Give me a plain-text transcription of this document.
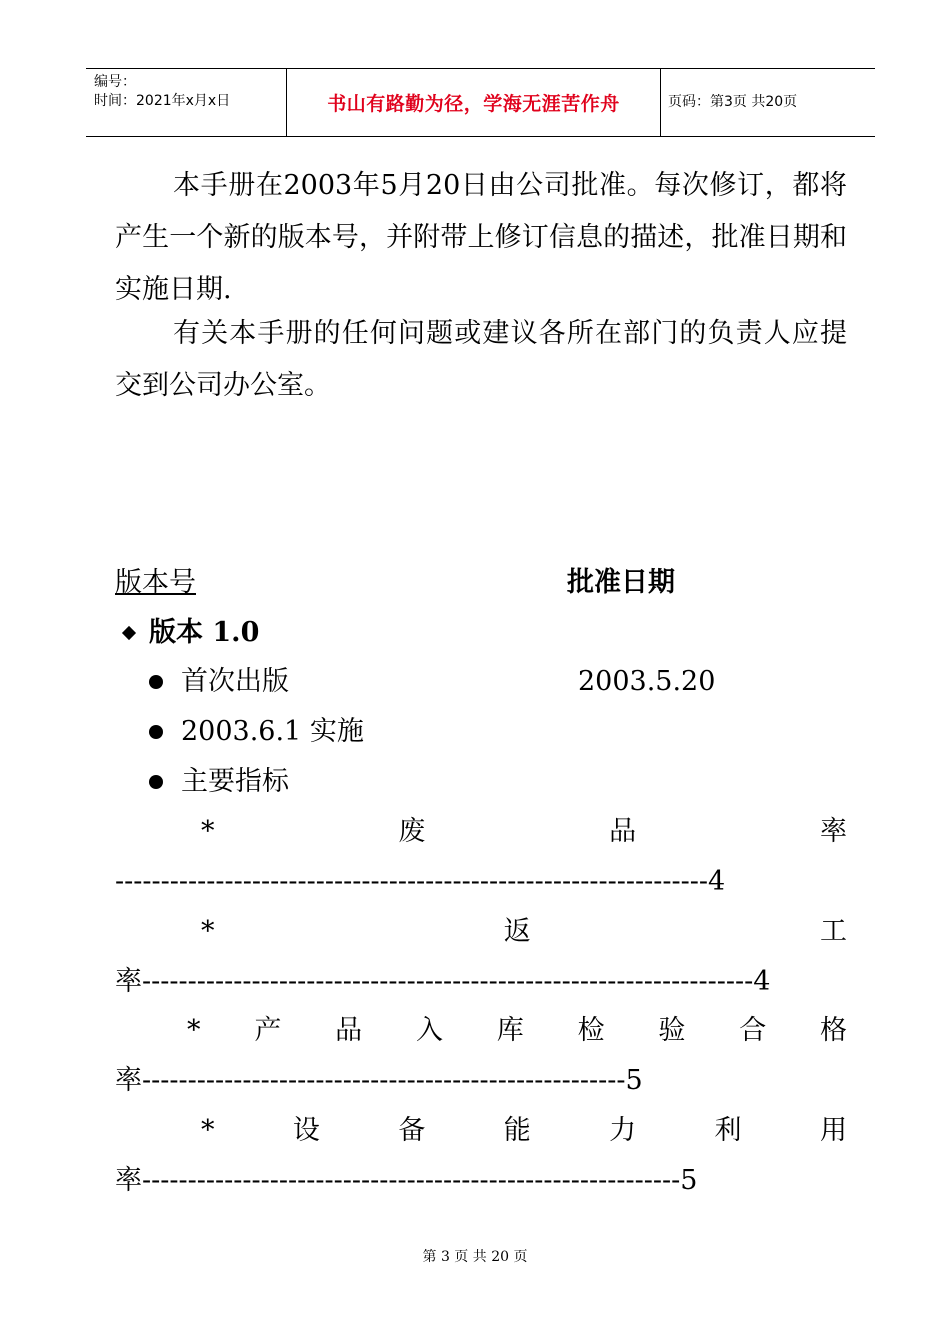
编号：
时间：2021年x月x日	书山有路勤为径，学海无涯苦作舟	页码：第3页 共20页
本手册在2003年5月20日由公司批准。每次修订，都将产生一个新的版本号，并附带上修订信息的描述，批准日期和实施日期.
有关本手册的任何问题或建议各所在部门的负责人应提交到公司办公室。
版本号	批准日期
版本 1.0
首次出版	2003.5.20
2003.6.1 实施
主要指标
*	废	品	率
-----------------------------------------------------------------4
*	返	工
率-------------------------------------------------------------------4
* 产 品 入 库 检 验 合 格
率-----------------------------------------------------5
*	设	备	能	力	利	用
率-----------------------------------------------------------5
第 3 页 共 20 页
